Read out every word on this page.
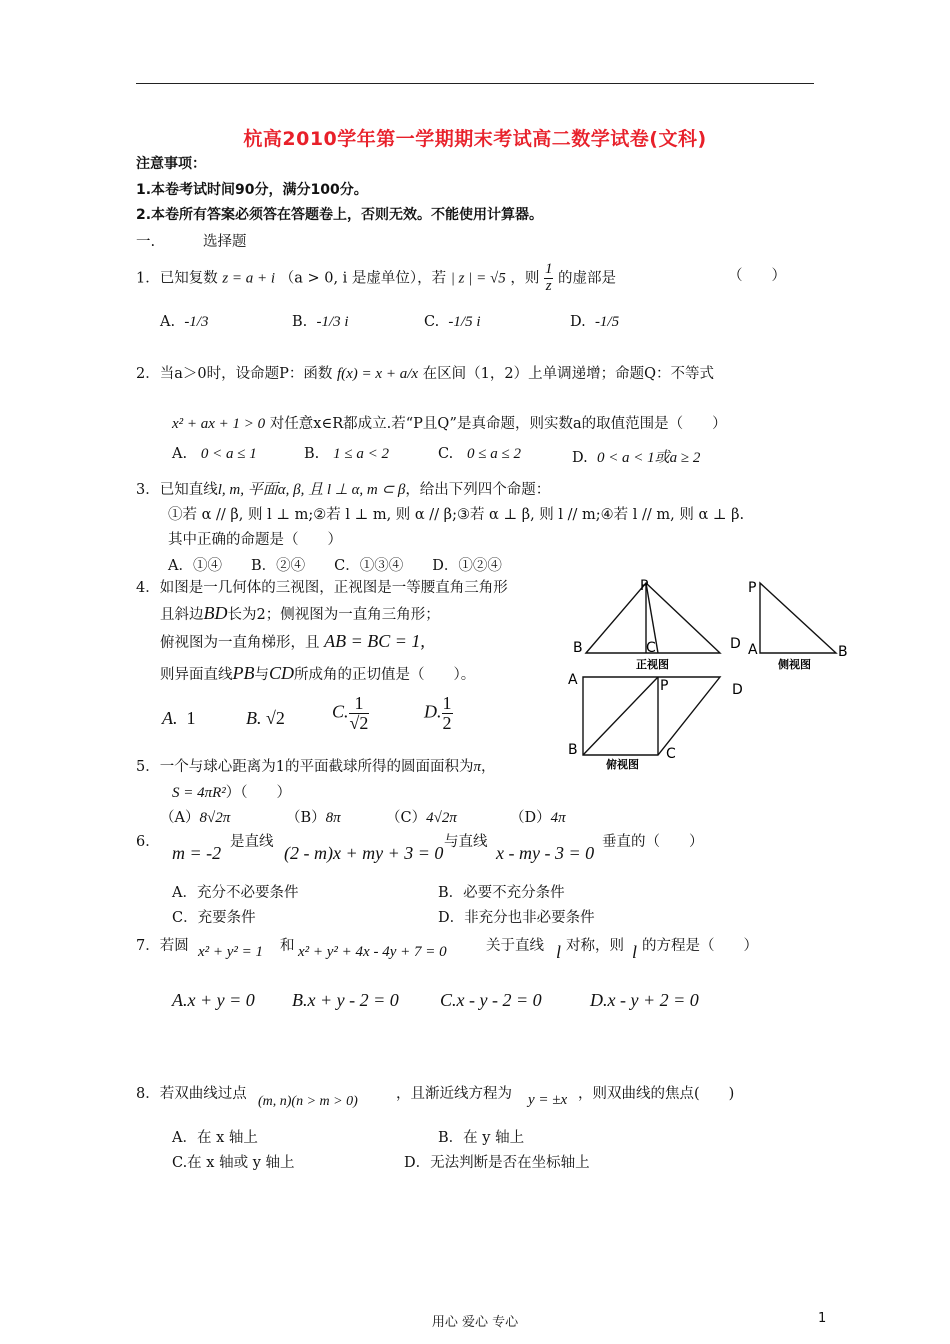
杭高2010学年第一学期期末考试高二数学试卷(文科)
注意事项：
1.本卷考试时间90分，满分100分。
2.本卷所有答案必须答在答题卷上，否则无效。不能使用计算器。
一.	选择题
1．已知复数 z = a + i （a > 0, i 是虚单位），若 | z | = √5 ，则 $\frac{1}{z}$ 的虚部是	（　　）
A. -1/3	B. -1/3 i	C. -1/5 i	D. -1/5
2．当a＞0时，设命题P：函数 f(x) = x + a/x 在区间（1，2）上单调递增；命题Q：不等式
x² + ax + 1 > 0 对任意x∈R都成立.若“P且Q”是真命题，则实数a的取值范围是（　　）
A. 0 < a ≤ 1	B. 1 ≤ a < 2	C. 0 ≤ a ≤ 2	D. 0 < a < 1或a ≥ 2
3．已知直线l, m, 平面α, β, 且 l ⊥ α, m ⊂ β，给出下列四个命题：
①若 α // β, 则 l ⊥ m;②若 l ⊥ m, 则 α // β;③若 α ⊥ β, 则 l // m;④若 l // m, 则 α ⊥ β.
其中正确的命题是（　　）
A．①④　　B．②④　　C．①③④　　D．①②④
4．如图是一几何体的三视图，正视图是一等腰直角三角形
且斜边BD长为2；侧视图为一直角三角形；
俯视图为一直角梯形，且 AB = BC = 1,
则异面直线PB与CD所成角的正切值是（　　）。
A. 1	B. √2	C. $\frac{1}{√2}$	D. $\frac{1}{2}$
P
B	C	D
正视图
P
A	B
侧视图
A	P	D
B	C
俯视图
5．一个与球心距离为1的平面截球所得的圆面面积为π，
S = 4πR²）（　　）
（A）8√2π	（B）8π	（C）4√2π	（D）4π
6．
m = -2
是直线
(2 - m)x + my + 3 = 0
与直线
x - my - 3 = 0
垂直的（　　）
A．充分不必要条件	B．必要不充分条件
C．充要条件	D．非充分也非必要条件
7．若圆 x² + y² = 1 和 x² + y² + 4x - 4y + 7 = 0	关于直线 l 对称，则 l 的方程是（　　）
A.x + y = 0 B.x + y - 2 = 0 C.x - y - 2 = 0	D.x - y + 2 = 0
8．若双曲线过点 (m, n)(n > m > 0)	，且渐近线方程为 y = ±x ，则双曲线的焦点(　　)
A．在 x 轴上	B．在 y 轴上
C.在 x 轴或 y 轴上	D．无法判断是否在坐标轴上
用心 爱心 专心	1
